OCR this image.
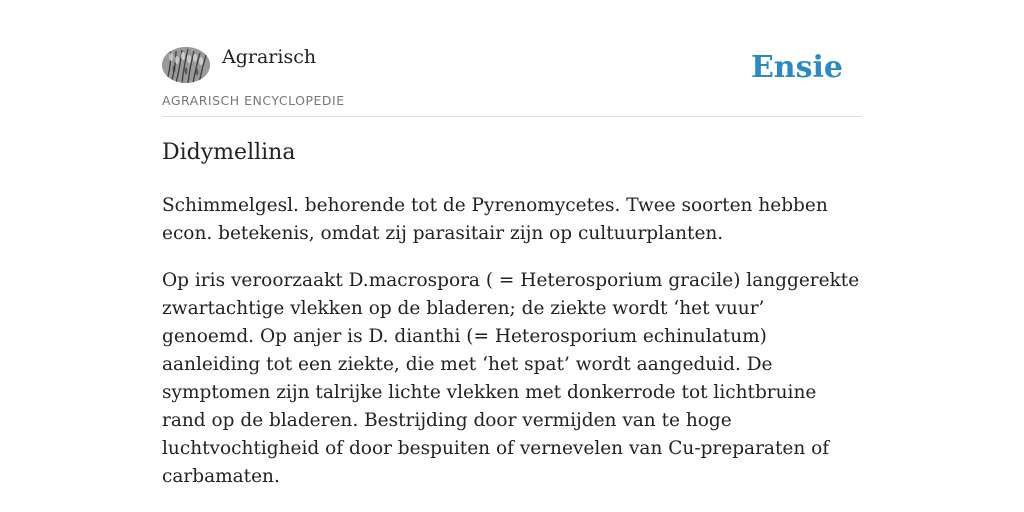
Agrarisch
AGRARISCH ENCYCLOPEDIE
Ensie
Didymellina

Schimmelgesl. behorende tot de Pyrenomycetes. Twee soorten hebben econ. betekenis, omdat zij parasitair zijn op cultuurplanten.

Op iris veroorzaakt D.macrospora ( = Heterosporium gracile) langgerekte zwartachtige vlekken op de bladeren; de ziekte wordt ‘het vuur’ genoemd. Op anjer is D. dianthi (= Heterosporium echinulatum) aanleiding tot een ziekte, die met ‘het spat’ wordt aangeduid. De symptomen zijn talrijke lichte vlekken met donkerrode tot lichtbruine rand op de bladeren. Bestrijding door vermijden van te hoge luchtvochtigheid of door bespuiten of vernevelen van Cu-preparaten of carbamaten.
